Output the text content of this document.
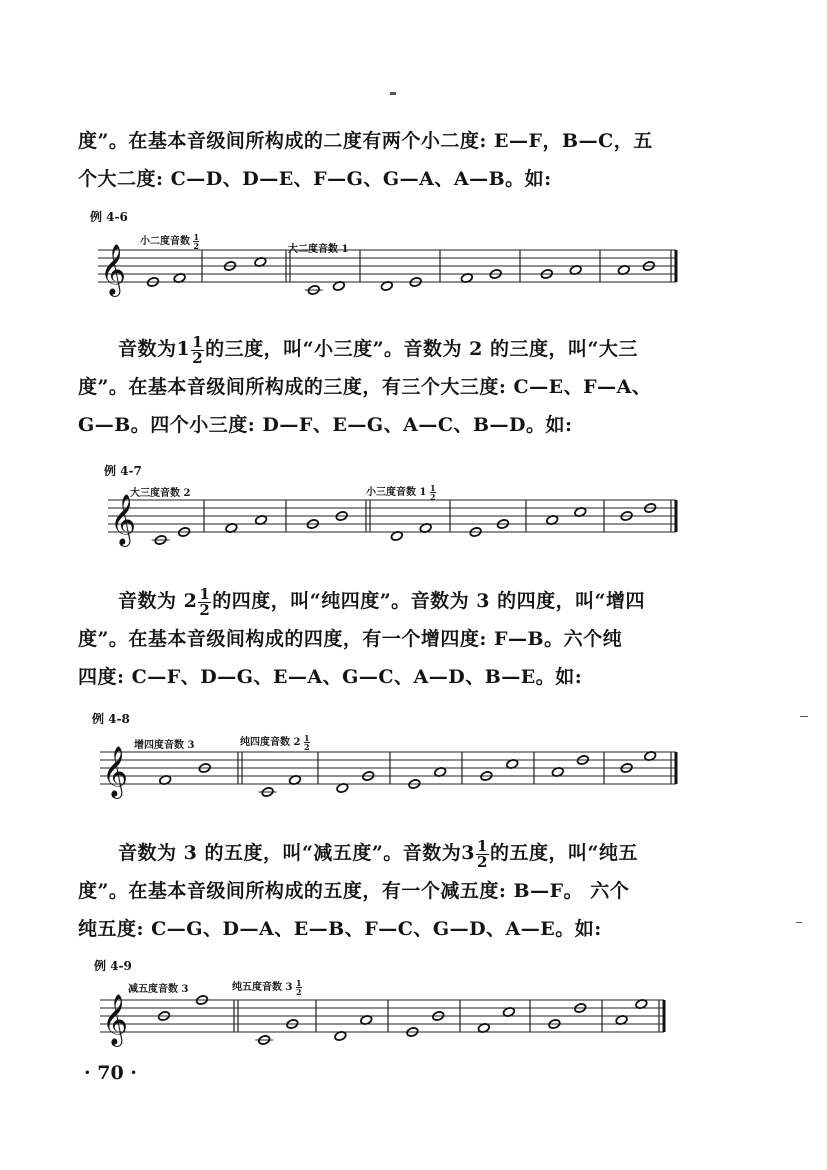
度”。在基本音级间所构成的二度有两个小二度: E—F，B—C，五

个大二度: C—D、D—E、F—G、G—A、A—B。如:

例 4-6
小二度音数 $\frac{1}{2}$	大二度音数 1
𝄞

音数为$1 \frac{1}{2}$ 的三度，叫“小三度”。音数为 2 的三度，叫“大三

度”。在基本音级间所构成的三度，有三个大三度: C—E、F—A、

G—B。四个小三度: D—F、E—G、A—C、B—D。如:

例 4-7
大三度音数 2	小三度音数 $1 \frac{1}{2}$
𝄞

音数为 $2 \frac{1}{2}$ 的四度，叫“纯四度”。音数为 3 的四度，叫“增四

度”。在基本音级间构成的四度，有一个增四度: F—B。六个纯

四度: C—F、D—G、E—A、G—C、A—D、B—E。如:

例 4-8
增四度音数 3	纯四度音数 $2 \frac{1}{2}$
𝄞

音数为 3 的五度，叫“减五度”。音数为$3 \frac{1}{2}$ 的五度，叫“纯五

度”。在基本音级间所构成的五度，有一个减五度: B—F。 六个

纯五度: C—G、D—A、E—B、F—C、G—D、A—E。如:

例 4-9
减五度音数 3	纯五度音数 $3 \frac{1}{2}$
𝄞
· 70 ·
